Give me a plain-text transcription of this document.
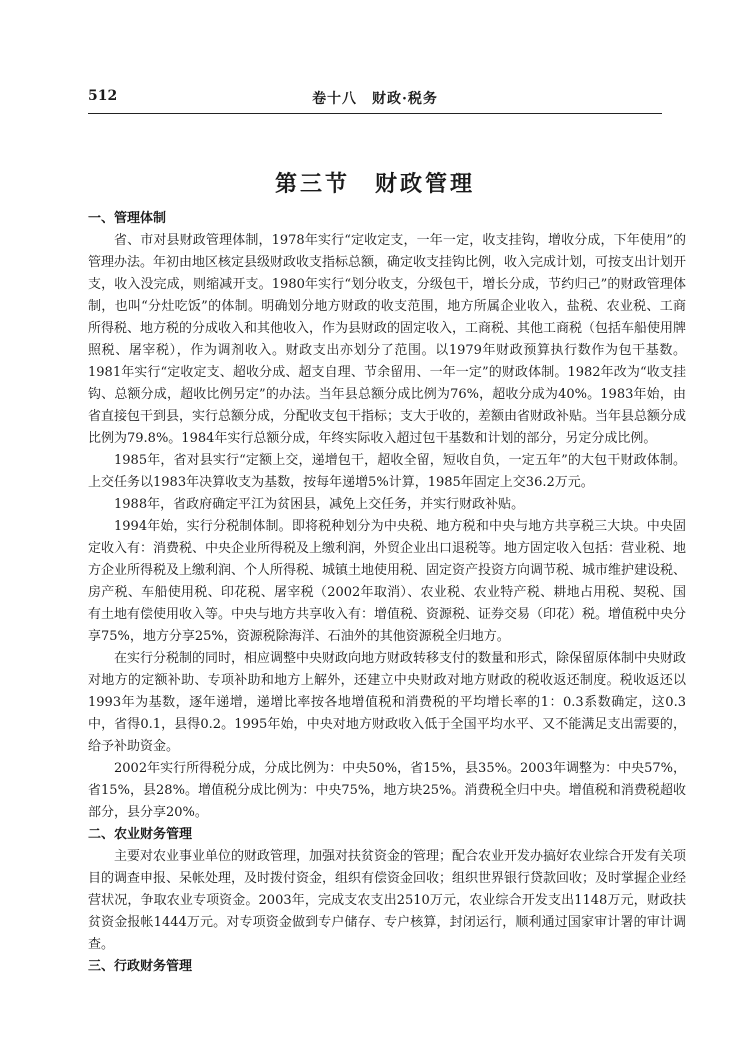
512	卷十八　财政·税务
第三节　财政管理
一、管理体制

省、市对县财政管理体制，1978年实行“定收定支，一年一定，收支挂钩，增收分成，下年使用”的管理办法。年初由地区核定县级财政收支指标总额，确定收支挂钩比例，收入完成计划，可按支出计划开支，收入没完成，则缩减开支。1980年实行“划分收支，分级包干，增长分成，节约归己”的财政管理体制，也叫“分灶吃饭”的体制。明确划分地方财政的收支范围，地方所属企业收入，盐税、农业税、工商所得税、地方税的分成收入和其他收入，作为县财政的固定收入，工商税、其他工商税（包括车船使用牌照税、屠宰税），作为调剂收入。财政支出亦划分了范围。以1979年财政预算执行数作为包干基数。1981年实行“定收定支、超收分成、超支自理、节余留用、一年一定”的财政体制。1982年改为“收支挂钩、总额分成，超收比例另定”的办法。当年县总额分成比例为76%，超收分成为40%。1983年始，由省直接包干到县，实行总额分成，分配收支包干指标；支大于收的，差额由省财政补贴。当年县总额分成比例为79.8%。1984年实行总额分成，年终实际收入超过包干基数和计划的部分，另定分成比例。

1985年，省对县实行“定额上交，递增包干，超收全留，短收自负，一定五年”的大包干财政体制。上交任务以1983年决算收支为基数，按每年递增5%计算，1985年固定上交36.2万元。

1988年，省政府确定平江为贫困县，减免上交任务，并实行财政补贴。

1994年始，实行分税制体制。即将税种划分为中央税、地方税和中央与地方共享税三大块。中央固定收入有：消费税、中央企业所得税及上缴利润，外贸企业出口退税等。地方固定收入包括：营业税、地方企业所得税及上缴利润、个人所得税、城镇土地使用税、固定资产投资方向调节税、城市维护建设税、房产税、车船使用税、印花税、屠宰税（2002年取消）、农业税、农业特产税、耕地占用税、契税、国有土地有偿使用收入等。中央与地方共享收入有：增值税、资源税、证券交易（印花）税。增值税中央分享75%，地方分享25%，资源税除海洋、石油外的其他资源税全归地方。

在实行分税制的同时，相应调整中央财政向地方财政转移支付的数量和形式，除保留原体制中央财政对地方的定额补助、专项补助和地方上解外，还建立中央财政对地方财政的税收返还制度。税收返还以1993年为基数，逐年递增，递增比率按各地增值税和消费税的平均增长率的1：0.3系数确定，这0.3中，省得0.1，县得0.2。1995年始，中央对地方财政收入低于全国平均水平、又不能满足支出需要的，给予补助资金。

2002年实行所得税分成，分成比例为：中央50%，省15%，县35%。2003年调整为：中央57%，省15%，县28%。增值税分成比例为：中央75%，地方块25%。消费税全归中央。增值税和消费税超收部分，县分享20%。

二、农业财务管理

主要对农业事业单位的财政管理，加强对扶贫资金的管理；配合农业开发办搞好农业综合开发有关项目的调查申报、呆帐处理，及时拨付资金，组织有偿资金回收；组织世界银行贷款回收；及时掌握企业经营状况，争取农业专项资金。2003年，完成支农支出2510万元，农业综合开发支出1148万元，财政扶贫资金报帐1444万元。对专项资金做到专户储存、专户核算，封闭运行，顺利通过国家审计署的审计调查。

三、行政财务管理
